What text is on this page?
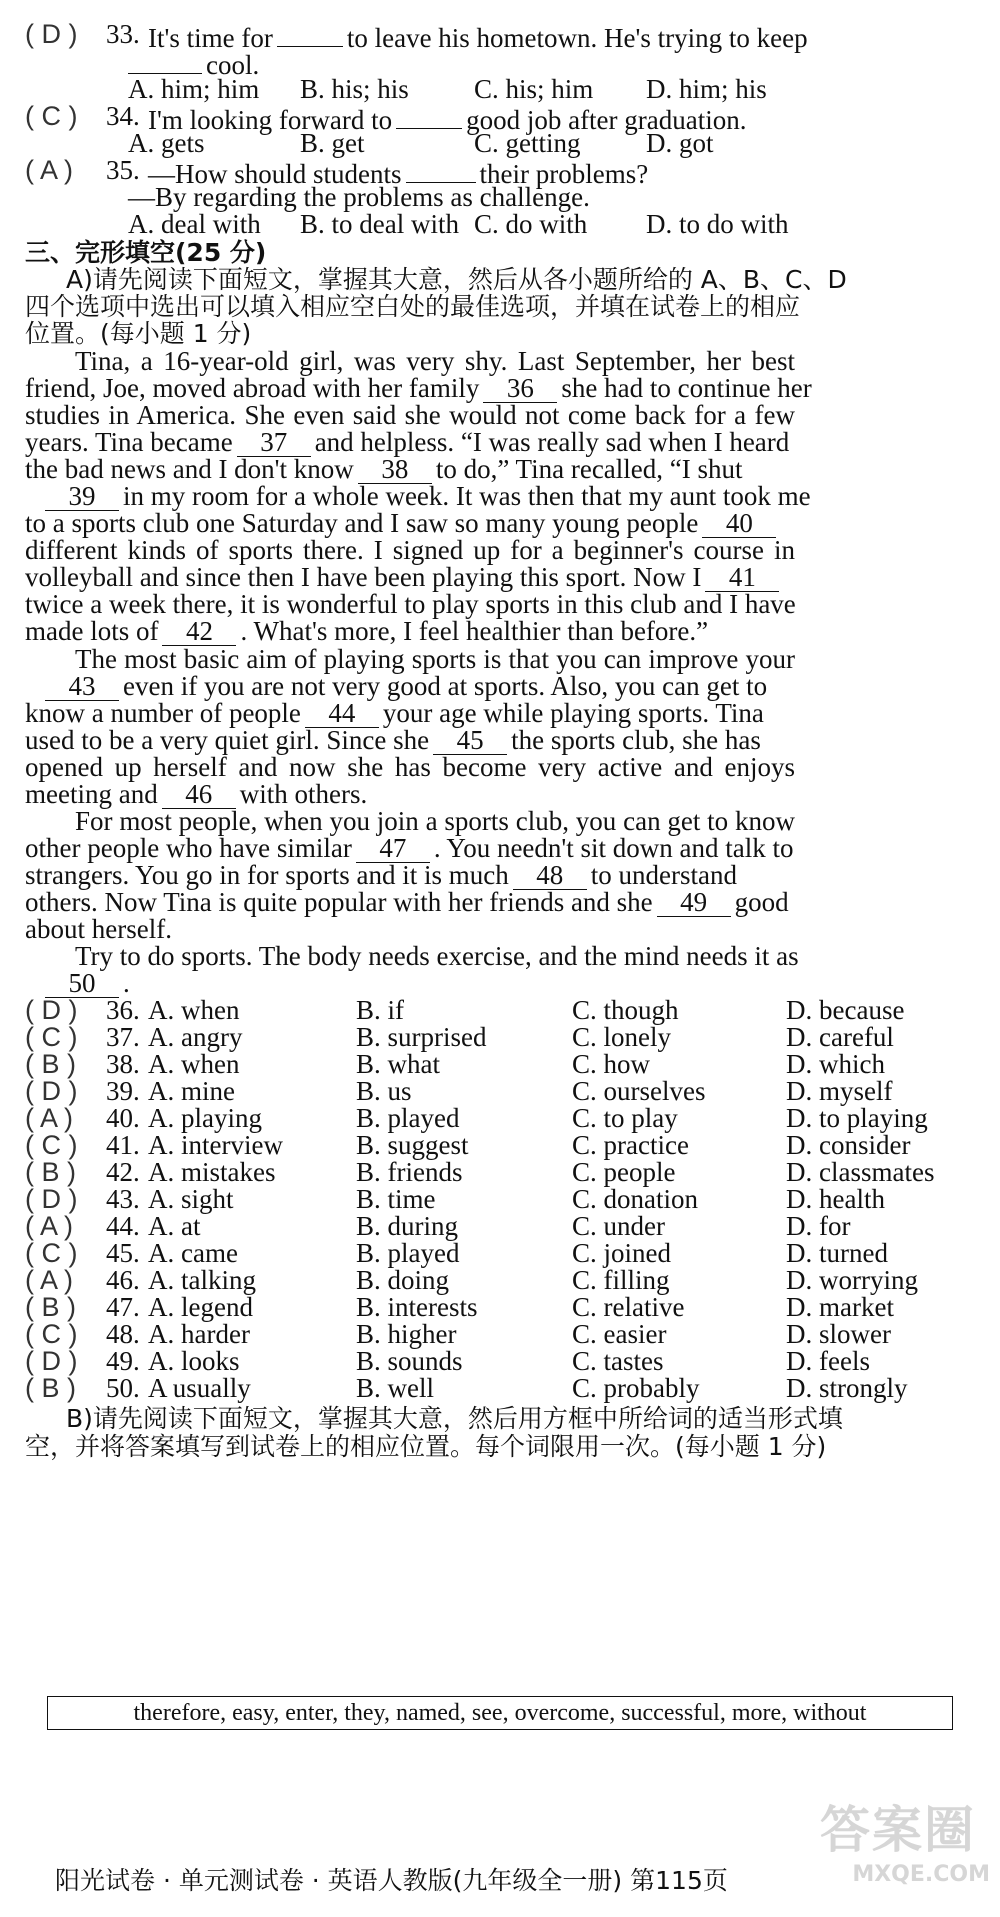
( D ) 33. It's time for	to leave his hometown. He's trying to keep
cool.
A. him; him B. his; his C. his; him D. him; his
( C ) 34. I'm looking forward to	good job after graduation.
A. gets	B. get	C. getting D. got
( A ) 35. —How should students	their problems?
—By regarding the problems as challenge.
A. deal with B. to deal with C. do with D. to do with
三、完形填空(25 分)
A)请先阅读下面短文，掌握其大意，然后从各小题所给的 A、B、C、D
四个选项中选出可以填入相应空白处的最佳选项，并填在试卷上的相应
位置。(每小题 1 分)
Tina, a 16-year-old girl, was very shy. Last September, her best
friend, Joe, moved abroad with her family 36 she had to continue her
studies in America. She even said she would not come back for a few
years. Tina became 37 and helpless. “I was really sad when I heard
the bad news and I don't know 38 to do,” Tina recalled, “I shut
39 in my room for a whole week. It was then that my aunt took me
to a sports club one Saturday and I saw so many young people 40
different kinds of sports there. I signed up for a beginner's course in
volleyball and since then I have been playing this sport. Now I 41
twice a week there, it is wonderful to play sports in this club and I have
made lots of 42 . What's more, I feel healthier than before.”
The most basic aim of playing sports is that you can improve your
43 even if you are not very good at sports. Also, you can get to
know a number of people 44 your age while playing sports. Tina
used to be a very quiet girl. Since she 45 the sports club, she has
opened up herself and now she has become very active and enjoys
meeting and 46 with others.
For most people, when you join a sports club, you can get to know
other people who have similar 47 . You needn't sit down and talk to
strangers. You go in for sports and it is much 48 to understand
others. Now Tina is quite popular with her friends and she 49 good
about herself.
Try to do sports. The body needs exercise, and the mind needs it as
50 .
( D ) 36. A. when	B. if	C. though	D. because
( C ) 37. A. angry	B. surprised	C. lonely	D. careful
( B ) 38. A. when	B. what	C. how	D. which
( D ) 39. A. mine	B. us	C. ourselves	D. myself
( A ) 40. A. playing	B. played	C. to play	D. to playing
( C ) 41. A. interview	B. suggest	C. practice	D. consider
( B ) 42. A. mistakes	B. friends	C. people	D. classmates
( D ) 43. A. sight	B. time	C. donation	D. health
( A ) 44. A. at	B. during	C. under	D. for
( C ) 45. A. came	B. played	C. joined	D. turned
( A ) 46. A. talking	B. doing	C. filling	D. worrying
( B ) 47. A. legend	B. interests	C. relative	D. market
( C ) 48. A. harder	B. higher	C. easier	D. slower
( D ) 49. A. looks	B. sounds	C. tastes	D. feels
( B ) 50. A usually	B. well	C. probably	D. strongly
B)请先阅读下面短文，掌握其大意，然后用方框中所给词的适当形式填
空，并将答案填写到试卷上的相应位置。每个词限用一次。(每小题 1 分)
therefore, easy, enter, they, named, see, overcome, successful, more, without
阳光试卷 · 单元测试卷 · 英语人教版(九年级全一册) 第115页
答案圈
MXQE.COM
